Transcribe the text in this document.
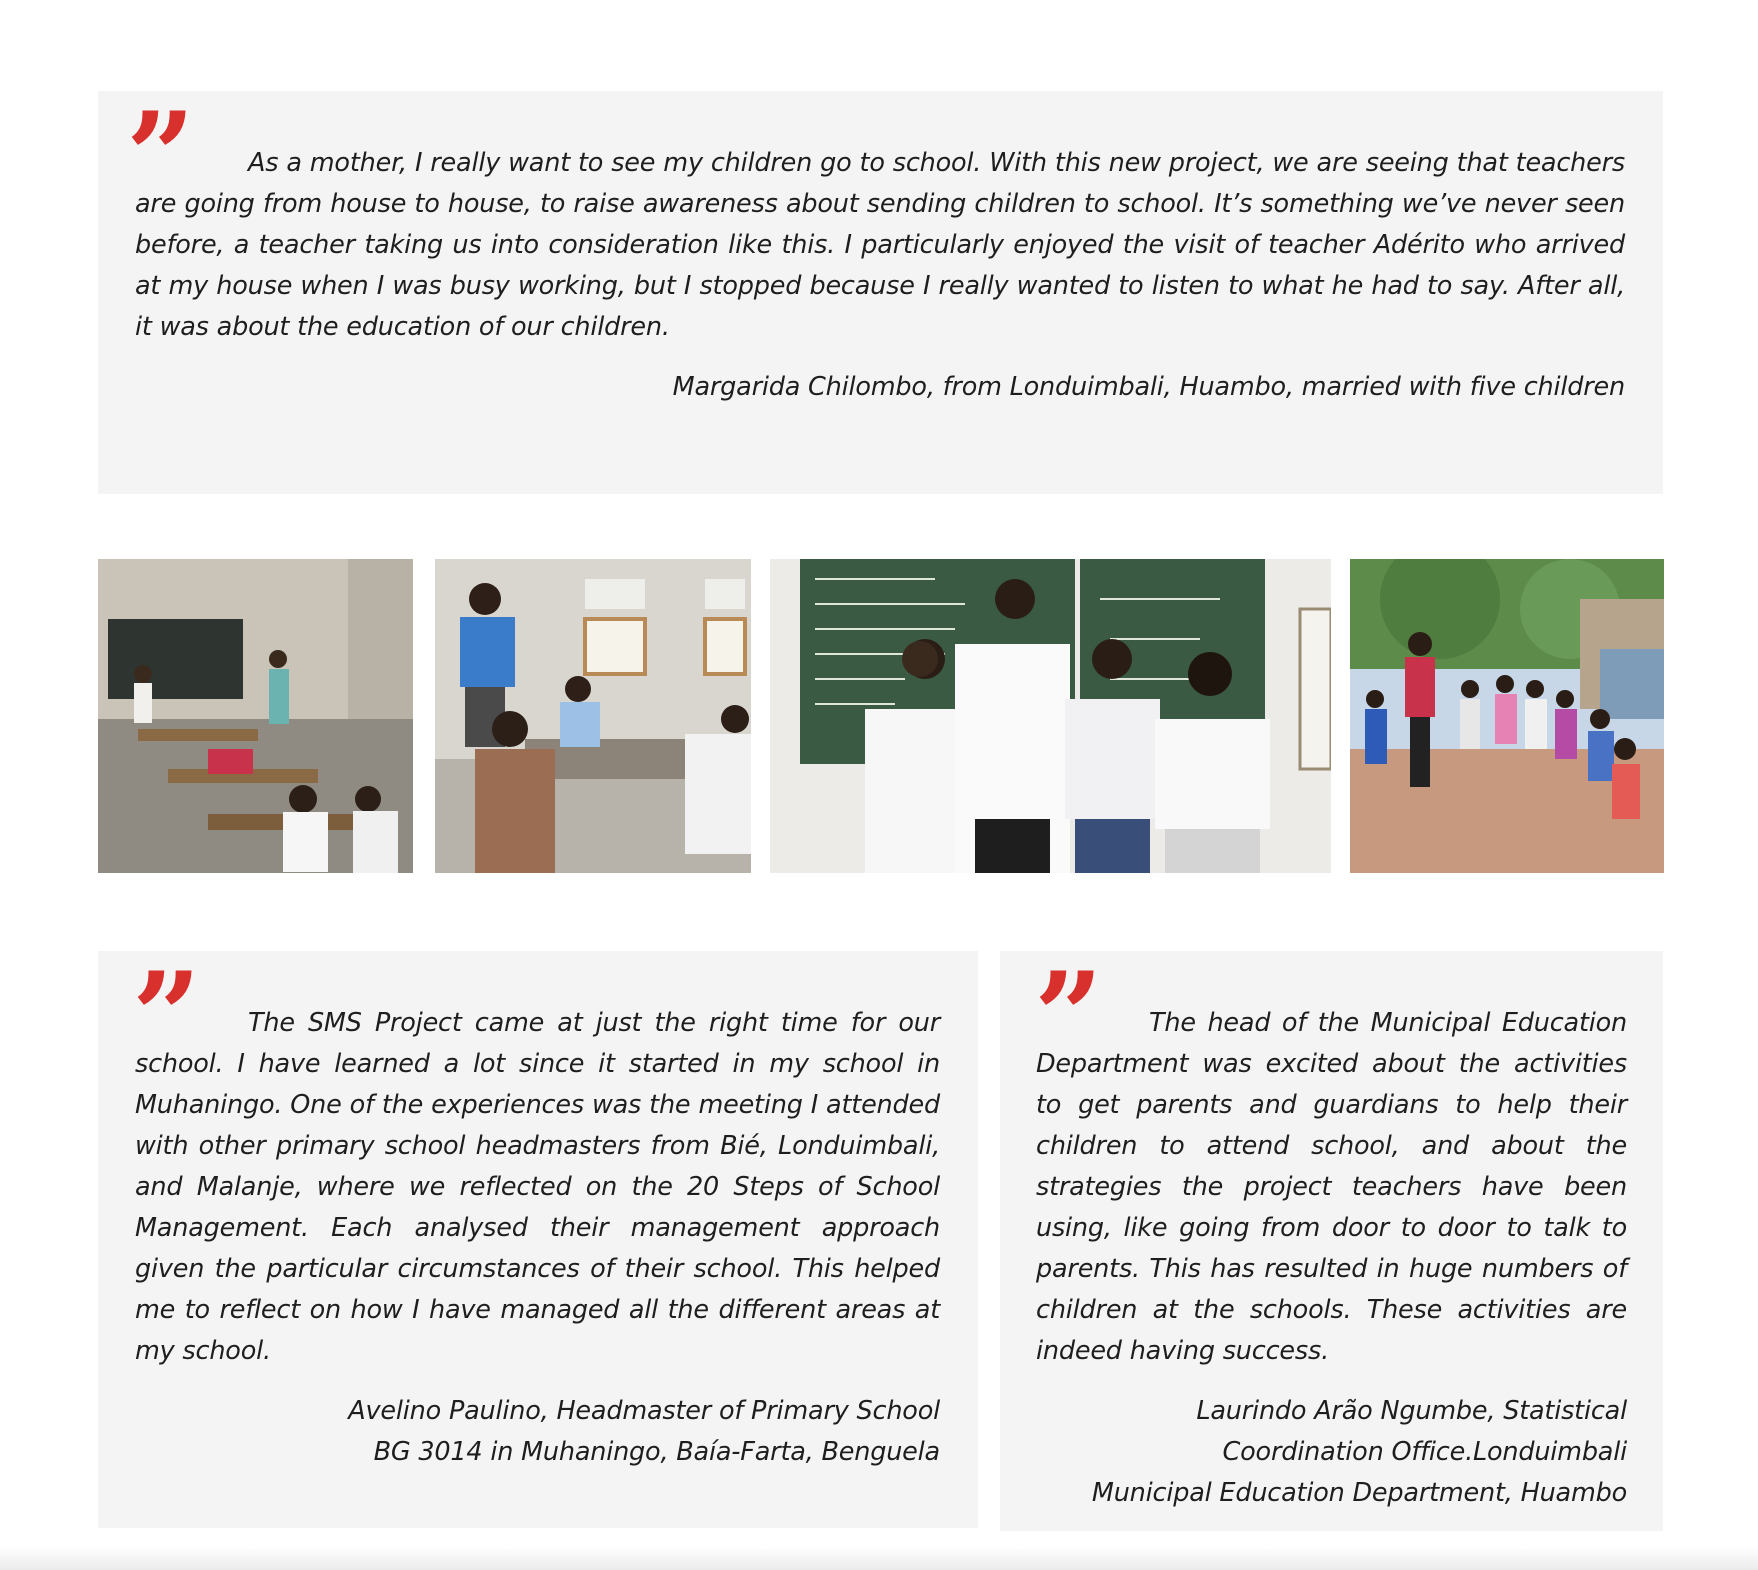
”	As a mother, I really want to see my children go to school. With this new project, we are seeing that teachers are going from house to house, to raise awareness about sending children to school. It’s something we’ve never seen before, a teacher taking us into consideration like this. I particularly enjoyed the visit of teacher Adérito who arrived at my house when I was busy working, but I stopped because I really wanted to listen to what he had to say. After all, it was about the education of our children.

Margarida Chilombo, from Londuimbali, Huambo, married with five children

”	The SMS Project came at just the right time for our school. I have learned a lot since it started in my school in Muhaningo. One of the experiences was the meeting I attended with other primary school headmasters from Bié, Londuimbali, and Malanje, where we reflected on the 20 Steps of School Management. Each analysed their management approach given the particular circumstances of their school. This helped me to reflect on how I have managed all the different areas at my school.

Avelino Paulino, Headmaster of Primary School
BG 3014 in Muhaningo, Baía-Farta, Benguela

”	The head of the Municipal Education Department was excited about the activities to get parents and guardians to help their children to attend school, and about the strategies the project teachers have been using, like going from door to door to talk to parents. This has resulted in huge numbers of children at the schools. These activities are indeed having success.

Laurindo Arão Ngumbe, Statistical
Coordination Office.Londuimbali
Municipal Education Department, Huambo
